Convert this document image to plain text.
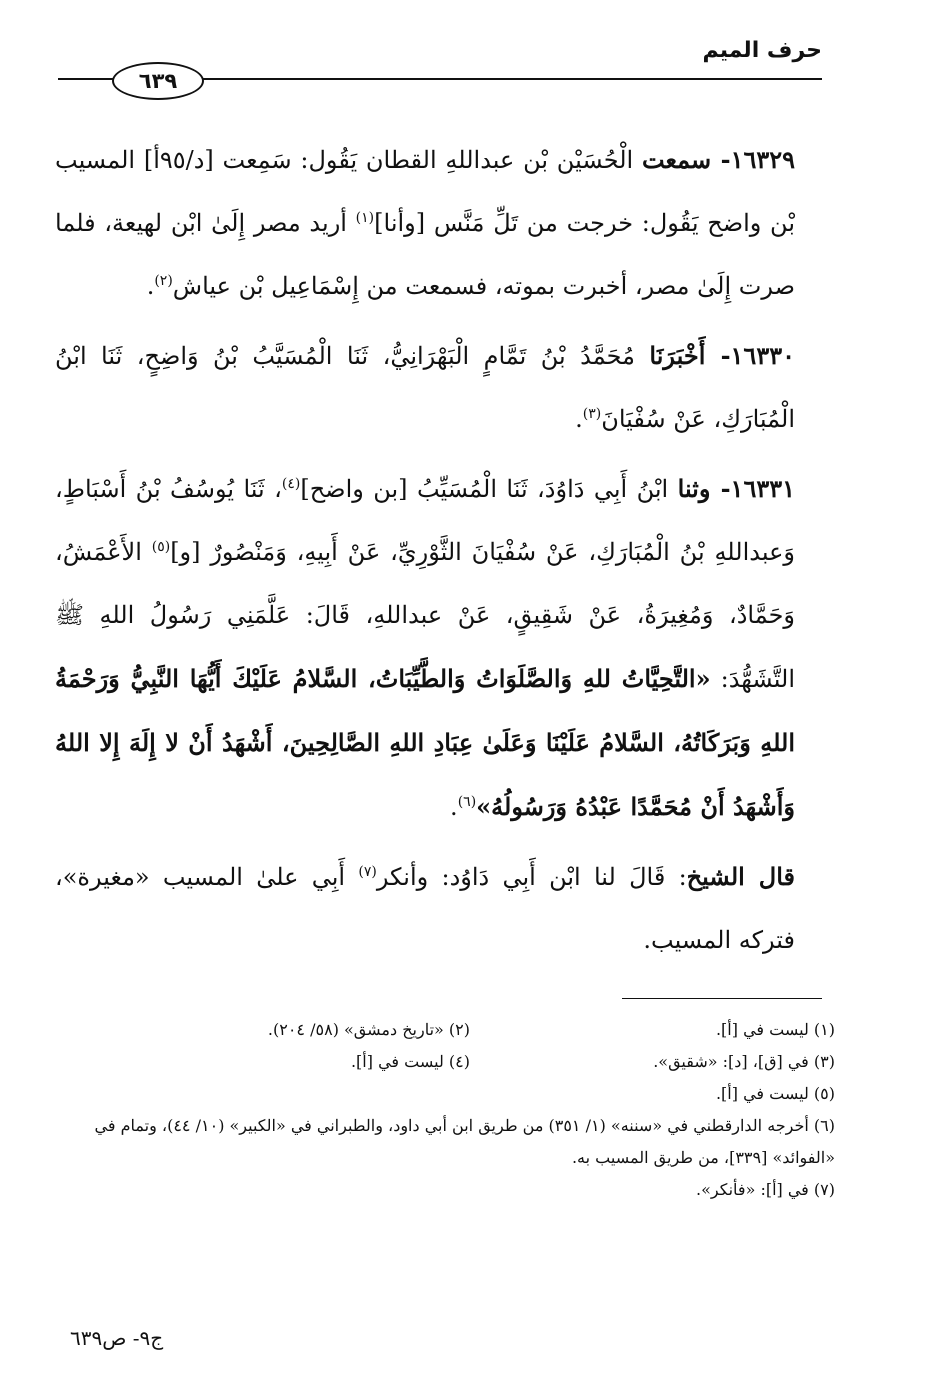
حرف الميم
٦٣٩

١٦٣٢٩- سمعت الْحُسَيْن بْن عبداللهِ القطان يَقُول: سَمِعت [د/٩٥أ] المسيب بْن واضح يَقُول: خرجت من تَلِّ مَنَّس [وأنا]$^{(١)}$ أريد مصر إِلَىٰ ابْن لهيعة، فلما صرت إِلَىٰ مصر، أخبرت بموته، فسمعت من إِسْمَاعِيل بْن عياش$^{(٢)}$.

١٦٣٣٠- أَخْبَرَنَا مُحَمَّدُ بْنُ تَمَّامٍ الْبَهْرَانِيُّ، ثَنَا الْمُسَيَّبُ بْنُ وَاضِحٍ، ثَنَا ابْنُ الْمُبَارَكِ، عَنْ سُفْيَانَ$^{(٣)}$.

١٦٣٣١- وثنا ابْنُ أَبِي دَاوُدَ، ثَنَا الْمُسَيِّبُ [بن واضح]$^{(٤)}$، ثَنَا يُوسُفُ بْنُ أَسْبَاطٍ، وَعبداللهِ بْنُ الْمُبَارَكِ، عَنْ سُفْيَانَ الثَّوْرِيِّ، عَنْ أَبِيهِ، وَمَنْصُورٌ [و]$^{(٥)}$ الأَعْمَشُ، وَحَمَّادٌ، وَمُغِيرَةُ، عَنْ شَقِيقٍ، عَنْ عبداللهِ، قَالَ: عَلَّمَنِي رَسُولُ اللهِ ﷺ التَّشَهُّدَ: «التَّحِيَّاتُ للهِ وَالصَّلَوَاتُ وَالطَّيِّبَاتُ، السَّلامُ عَلَيْكَ أَيُّهَا النَّبِيُّ وَرَحْمَةُ اللهِ وَبَرَكَاتُهُ، السَّلامُ عَلَيْنَا وَعَلَىٰ عِبَادِ اللهِ الصَّالِحِينَ، أَشْهَدُ أَنْ لا إِلَهَ إِلا اللهُ وَأَشْهَدُ أَنْ مُحَمَّدًا عَبْدُهُ وَرَسُولُهُ»$^{(٦)}$.

قال الشيخ: قَالَ لنا ابْن أَبِي دَاوُد: وأنكر$^{(٧)}$ أَبِي علىٰ المسيب «مغيرة»، فتركه المسيب.

(١) ليست في [أ].
(٢) «تاريخ دمشق» (٥٨/ ٢٠٤).
(٣) في [ق]، [د]: «شقيق».
(٤) ليست في [أ].
(٥) ليست في [أ].
(٦) أخرجه الدارقطني في «سننه» (١/ ٣٥١) من طريق ابن أبي داود، والطبراني في «الكبير» (١٠/ ٤٤)، وتمام في «الفوائد» [٣٣٩]، من طريق المسيب به.
(٧) في [أ]: «فأنكر».
ج٩- ص٦٣٩
